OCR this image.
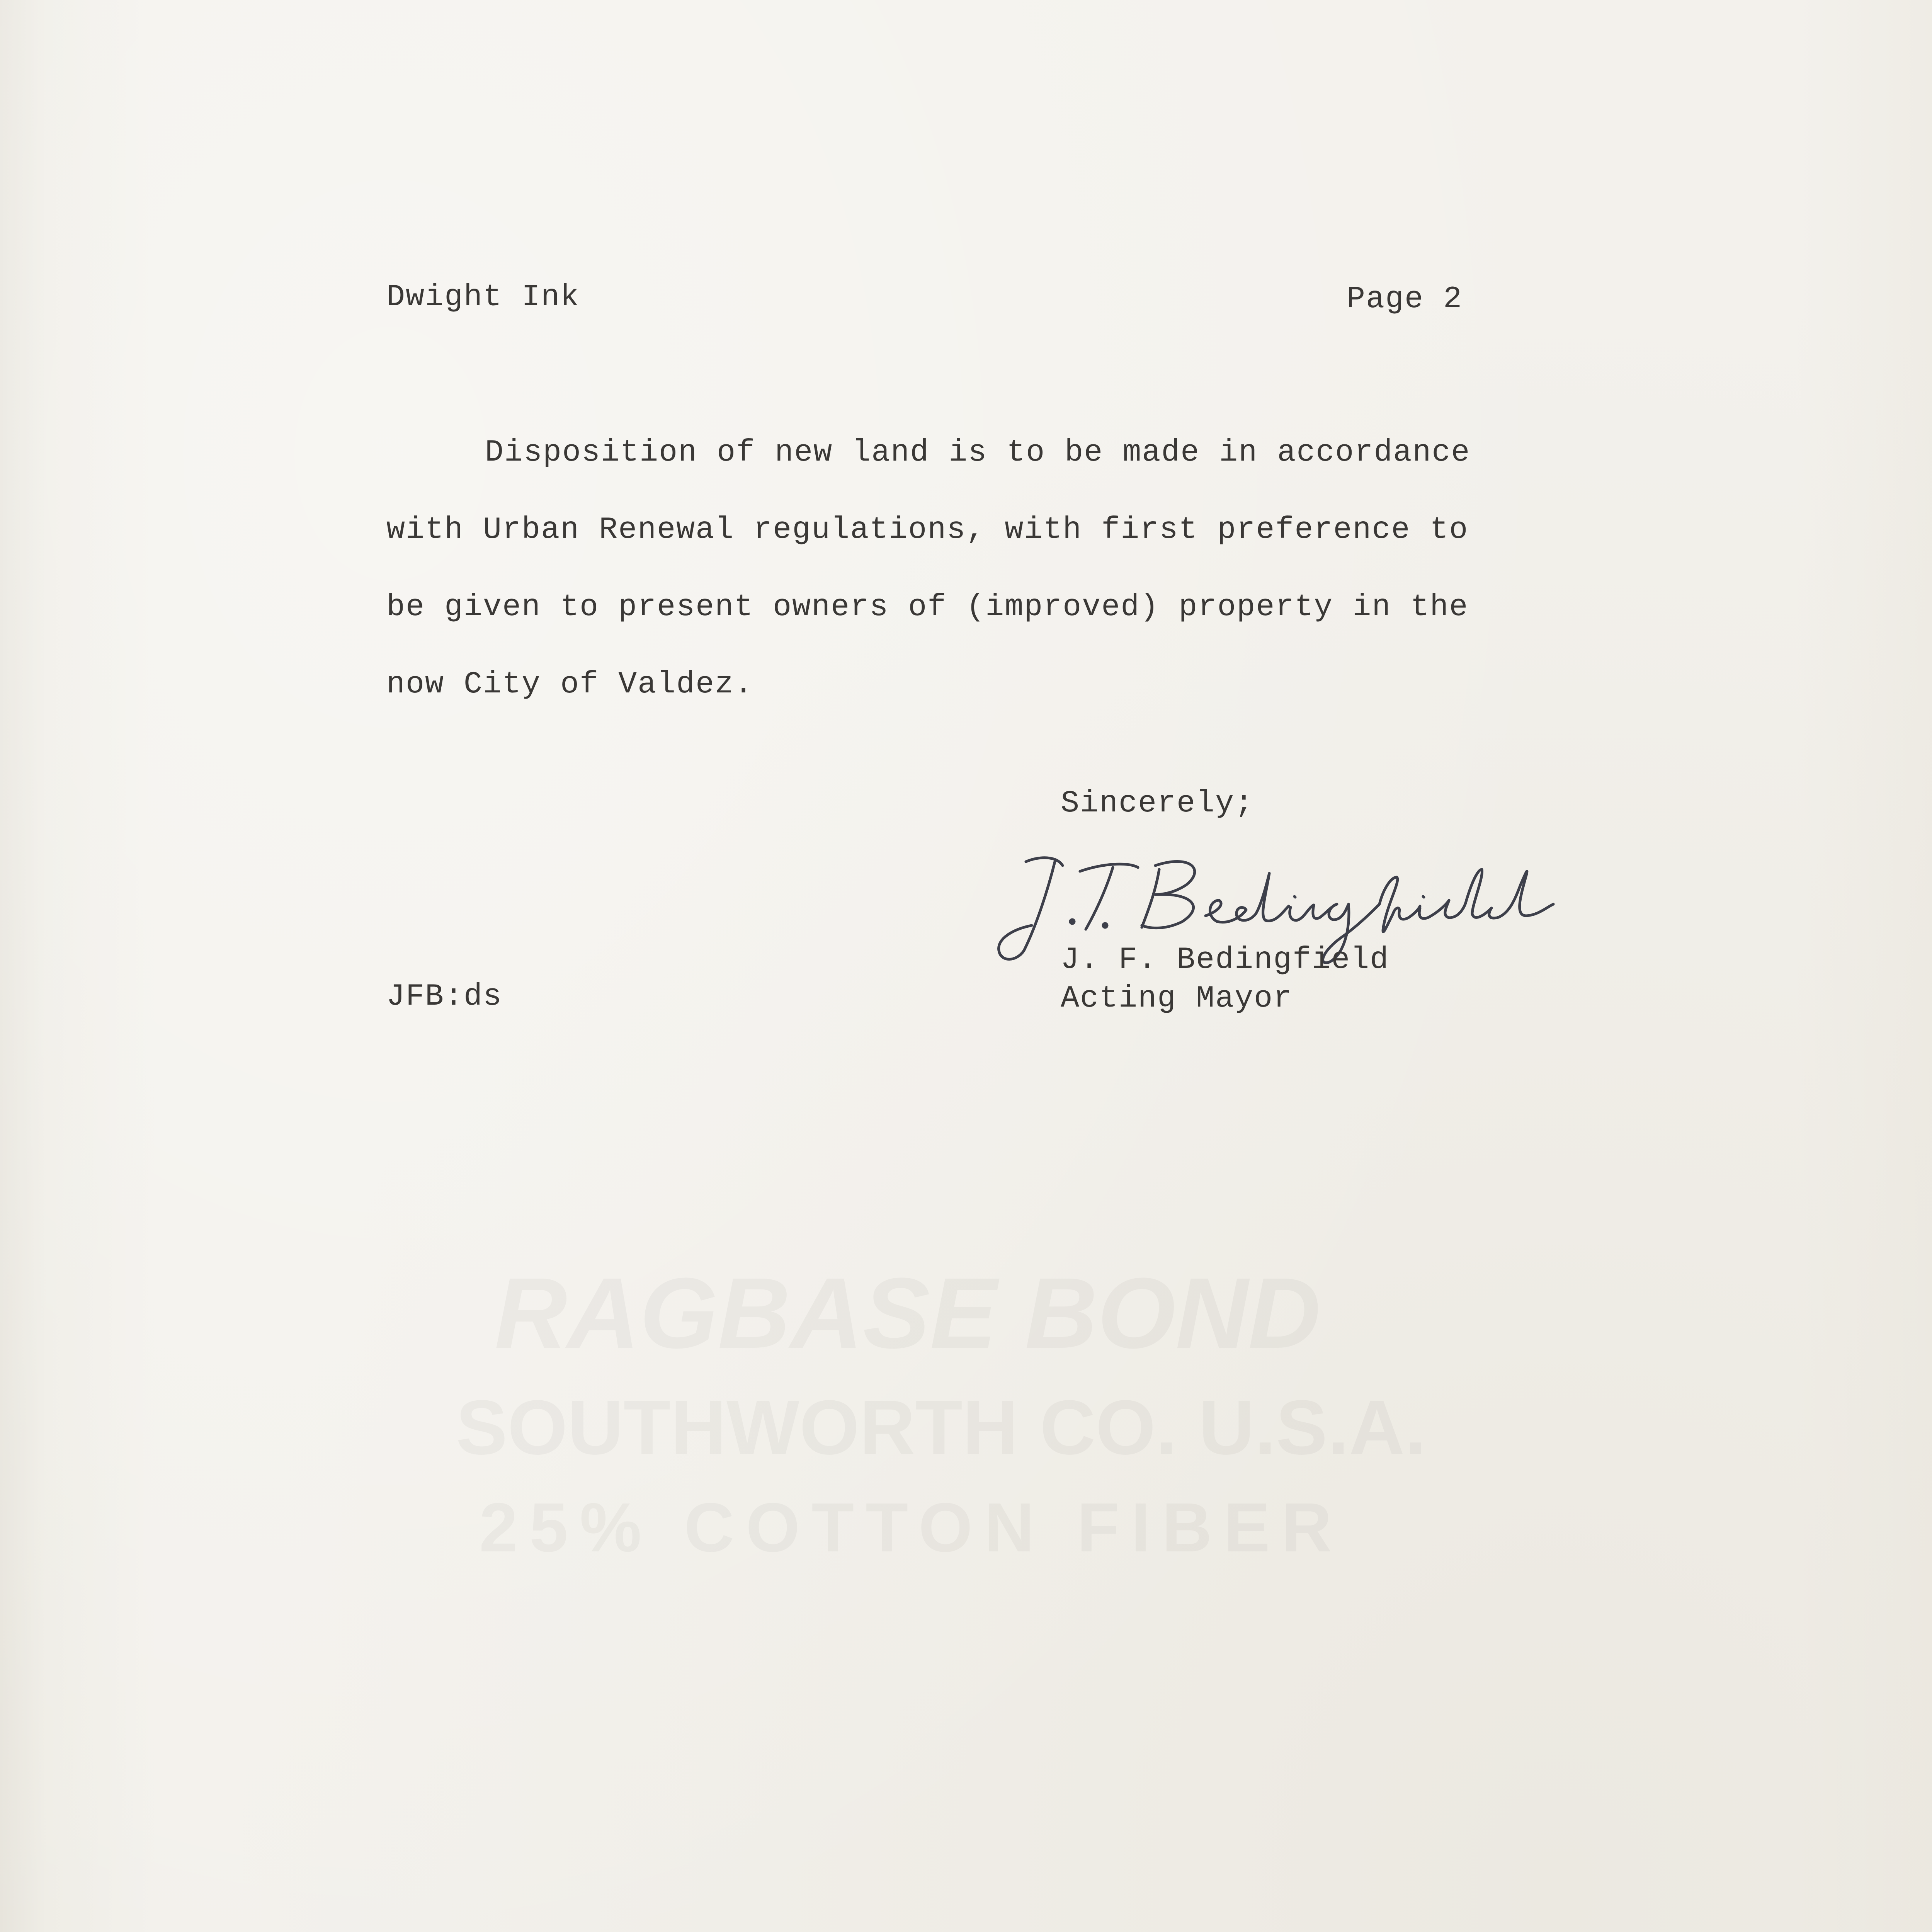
RAGBASE BOND
SOUTHWORTH CO. U.S.A.
25% COTTON FIBER
Dwight Ink	Page 2
Disposition of new land is to be made in accordance
with Urban Renewal regulations, with first preference to
be given to present owners of (improved) property in the
now City of Valdez.
Sincerely;
J. F. Bedingfield
Acting Mayor
JFB:ds
